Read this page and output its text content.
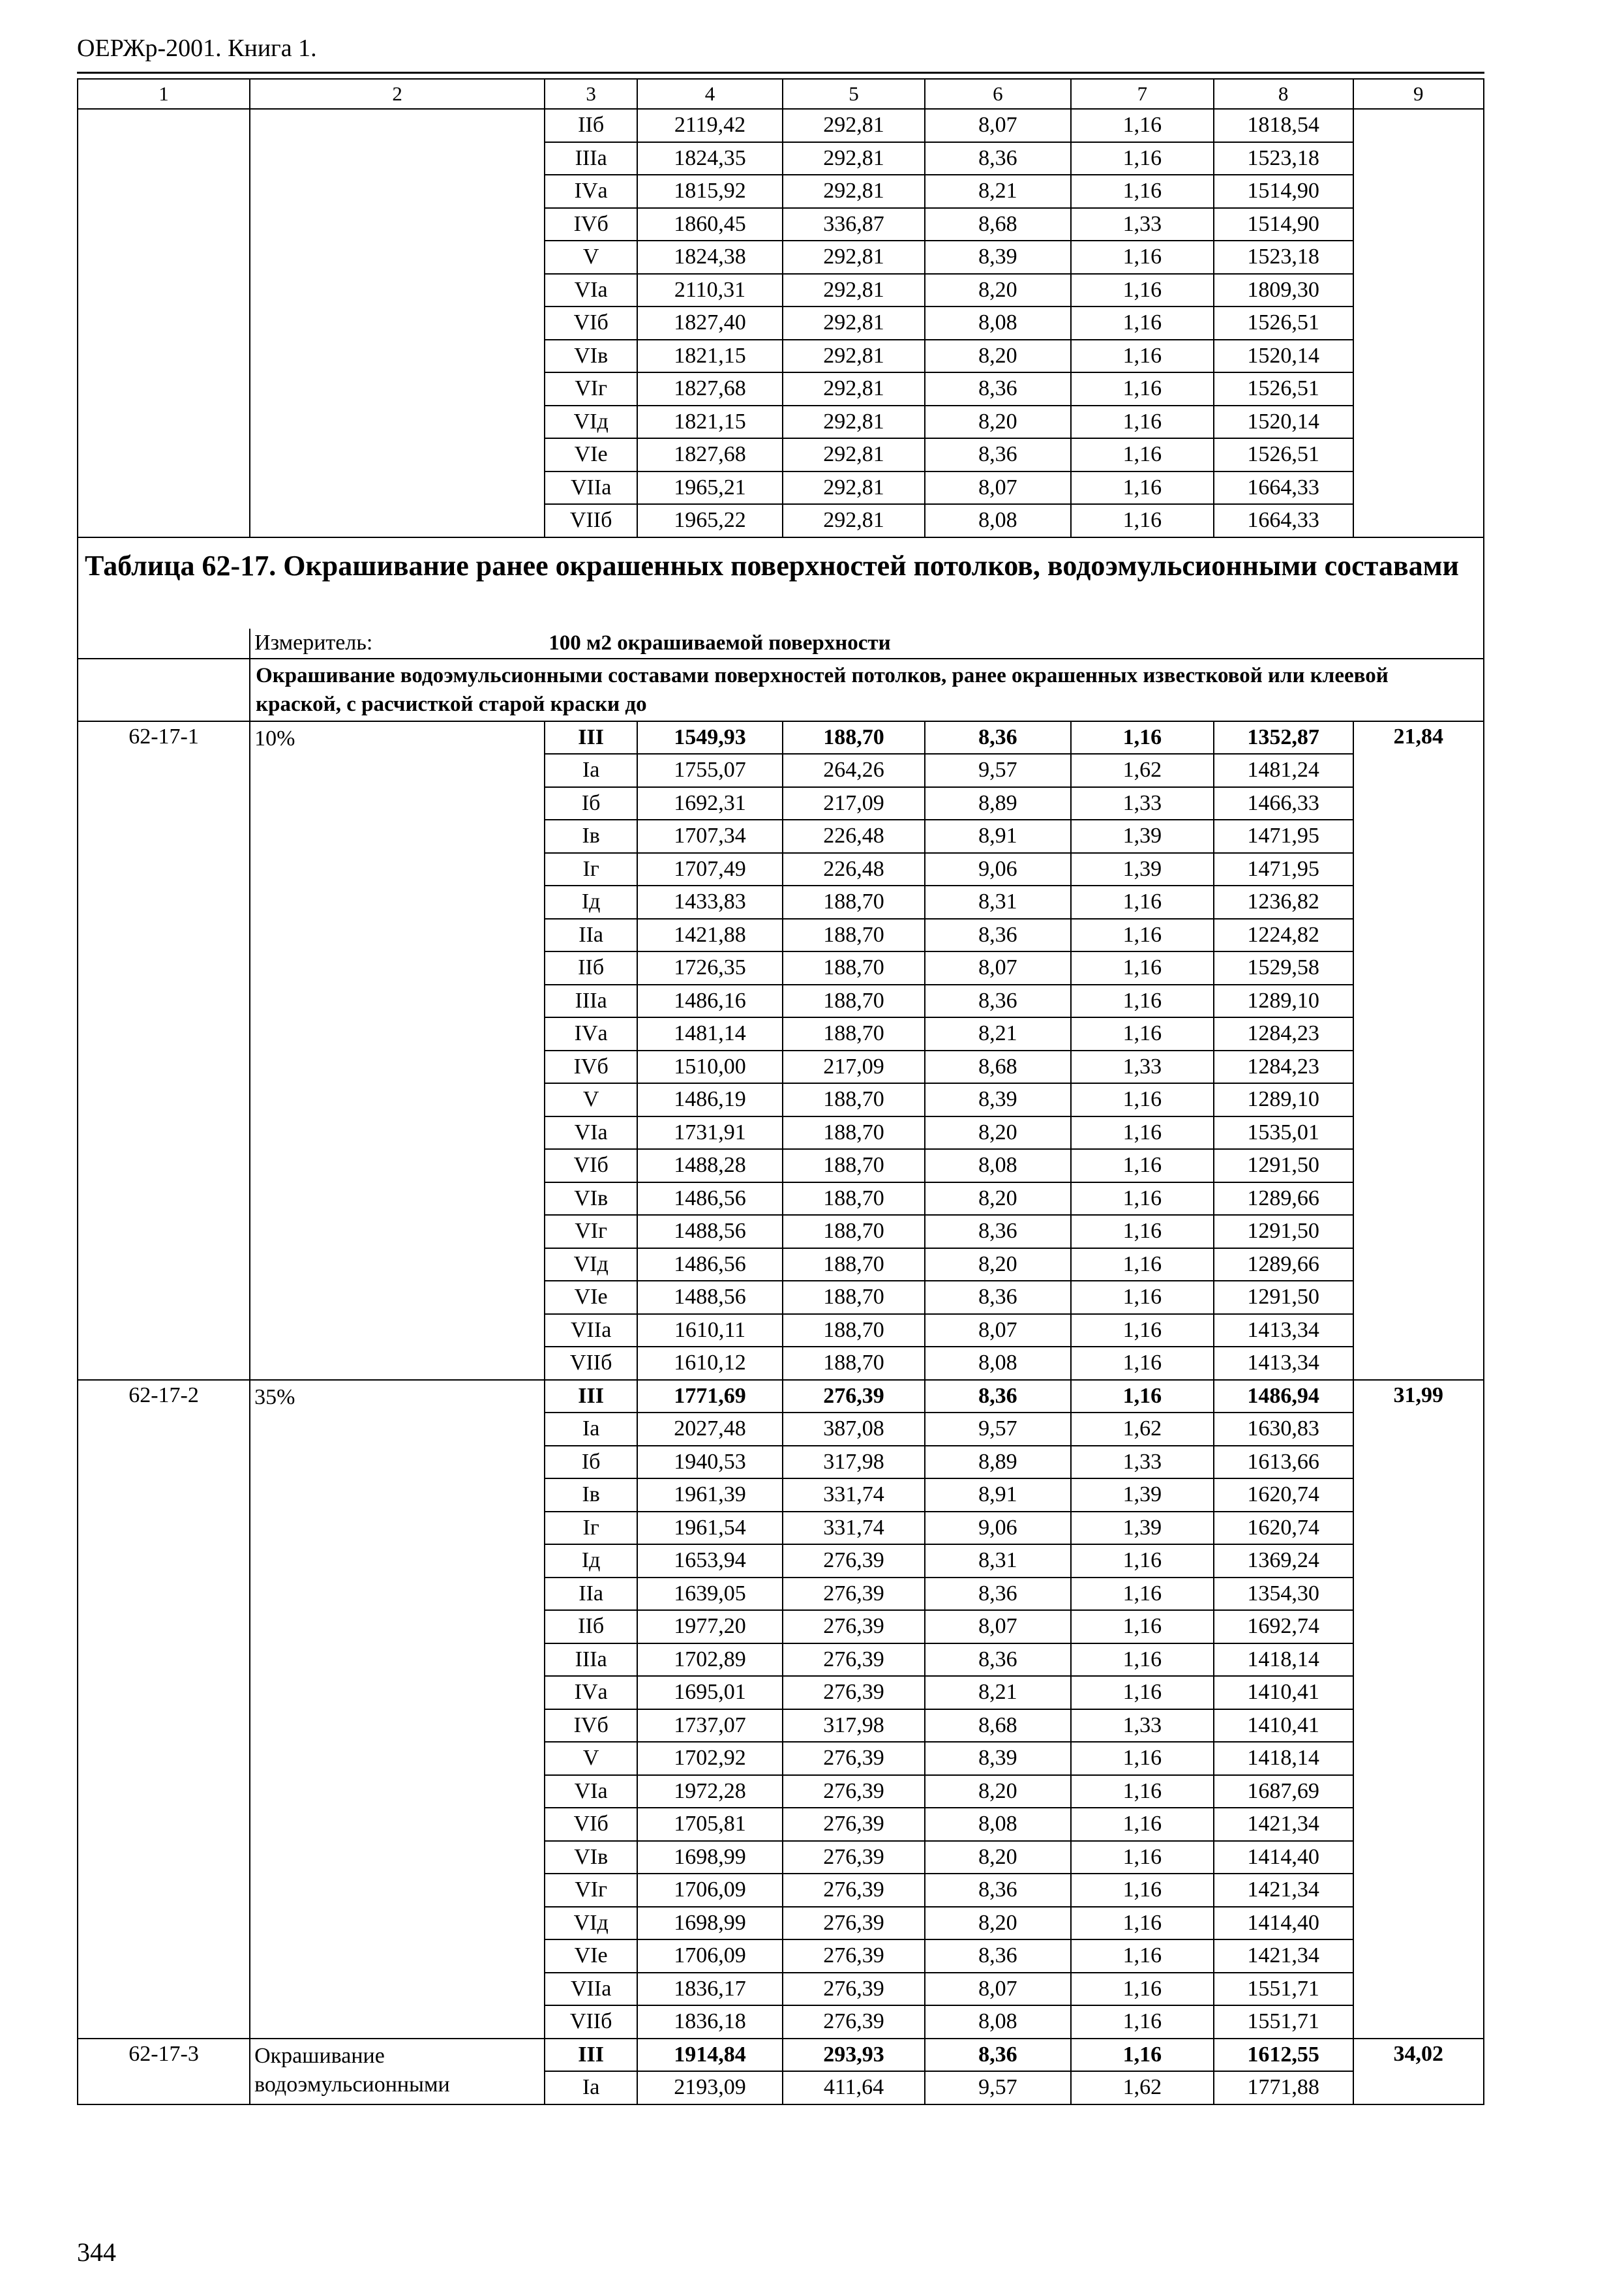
ОЕРЖр-2001. Книга 1.
1	2	3	4	5	6	7	8	9
		IIб	2119,42	292,81	8,07	1,16	1818,54	
		IIIа	1824,35	292,81	8,36	1,16	1523,18	
		IVа	1815,92	292,81	8,21	1,16	1514,90	
		IVб	1860,45	336,87	8,68	1,33	1514,90	
		V	1824,38	292,81	8,39	1,16	1523,18	
		VIа	2110,31	292,81	8,20	1,16	1809,30	
		VIб	1827,40	292,81	8,08	1,16	1526,51	
		VIв	1821,15	292,81	8,20	1,16	1520,14	
		VIг	1827,68	292,81	8,36	1,16	1526,51	
		VIд	1821,15	292,81	8,20	1,16	1520,14	
		VIе	1827,68	292,81	8,36	1,16	1526,51	
		VIIа	1965,21	292,81	8,07	1,16	1664,33	
		VIIб	1965,22	292,81	8,08	1,16	1664,33	
Таблица 62-17. Окрашивание ранее окрашенных поверхностей потолков, водоэмульсионными составами								
	Измеритель:	100 м2 окрашиваемой поверхности						
	Окрашивание водоэмульсионными составами поверхностей потолков, ранее окрашенных известковой или клеевой краской, с расчисткой старой краски до							
62-17-1	10%	III	1549,93	188,70	8,36	1,16	1352,87	21,84
		Iа	1755,07	264,26	9,57	1,62	1481,24	
		Iб	1692,31	217,09	8,89	1,33	1466,33	
		Iв	1707,34	226,48	8,91	1,39	1471,95	
		Iг	1707,49	226,48	9,06	1,39	1471,95	
		Iд	1433,83	188,70	8,31	1,16	1236,82	
		IIа	1421,88	188,70	8,36	1,16	1224,82	
		IIб	1726,35	188,70	8,07	1,16	1529,58	
		IIIа	1486,16	188,70	8,36	1,16	1289,10	
		IVа	1481,14	188,70	8,21	1,16	1284,23	
		IVб	1510,00	217,09	8,68	1,33	1284,23	
		V	1486,19	188,70	8,39	1,16	1289,10	
		VIа	1731,91	188,70	8,20	1,16	1535,01	
		VIб	1488,28	188,70	8,08	1,16	1291,50	
		VIв	1486,56	188,70	8,20	1,16	1289,66	
		VIг	1488,56	188,70	8,36	1,16	1291,50	
		VIд	1486,56	188,70	8,20	1,16	1289,66	
		VIе	1488,56	188,70	8,36	1,16	1291,50	
		VIIа	1610,11	188,70	8,07	1,16	1413,34	
		VIIб	1610,12	188,70	8,08	1,16	1413,34	
62-17-2	35%	III	1771,69	276,39	8,36	1,16	1486,94	31,99
		Iа	2027,48	387,08	9,57	1,62	1630,83	
		Iб	1940,53	317,98	8,89	1,33	1613,66	
		Iв	1961,39	331,74	8,91	1,39	1620,74	
		Iг	1961,54	331,74	9,06	1,39	1620,74	
		Iд	1653,94	276,39	8,31	1,16	1369,24	
		IIа	1639,05	276,39	8,36	1,16	1354,30	
		IIб	1977,20	276,39	8,07	1,16	1692,74	
		IIIа	1702,89	276,39	8,36	1,16	1418,14	
		IVа	1695,01	276,39	8,21	1,16	1410,41	
		IVб	1737,07	317,98	8,68	1,33	1410,41	
		V	1702,92	276,39	8,39	1,16	1418,14	
		VIа	1972,28	276,39	8,20	1,16	1687,69	
		VIб	1705,81	276,39	8,08	1,16	1421,34	
		VIв	1698,99	276,39	8,20	1,16	1414,40	
		VIг	1706,09	276,39	8,36	1,16	1421,34	
		VIд	1698,99	276,39	8,20	1,16	1414,40	
		VIе	1706,09	276,39	8,36	1,16	1421,34	
		VIIа	1836,17	276,39	8,07	1,16	1551,71	
		VIIб	1836,18	276,39	8,08	1,16	1551,71	
62-17-3	Окрашивание водоэмульсионными	III	1914,84	293,93	8,36	1,16	1612,55	34,02
		Iа	2193,09	411,64	9,57	1,62	1771,88	
344
